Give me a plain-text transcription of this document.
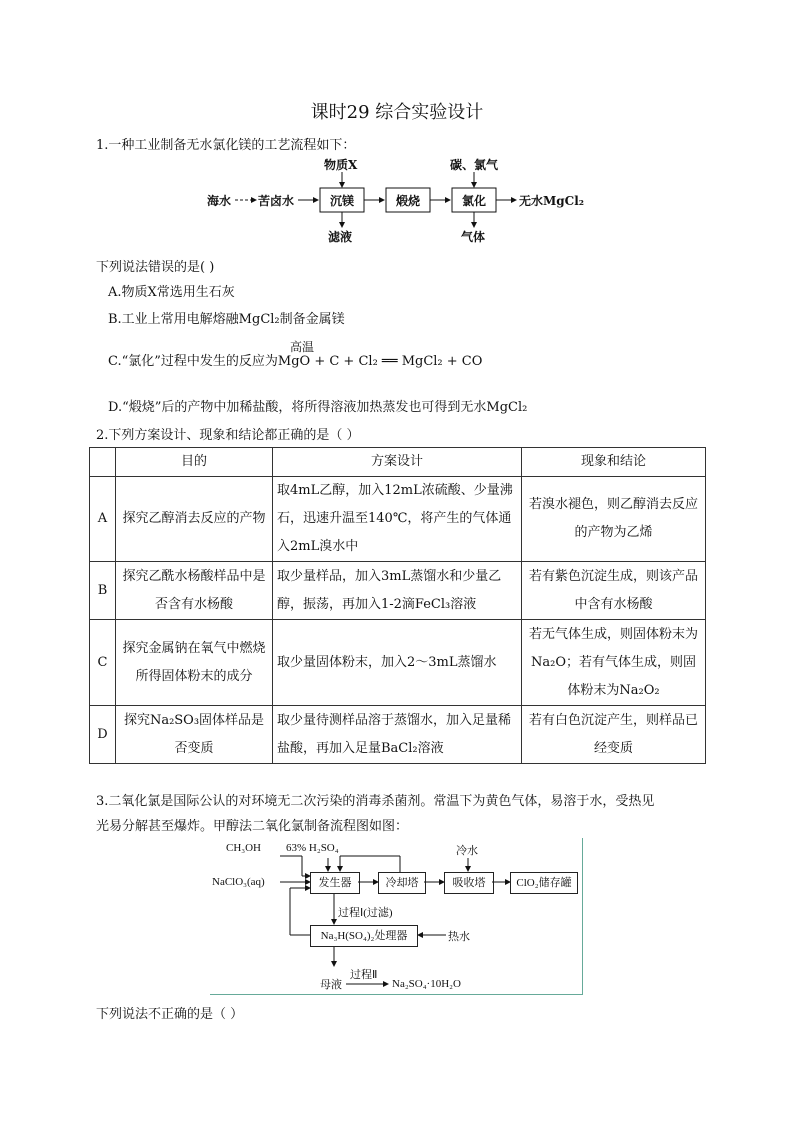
课时29 综合实验设计
1.一种工业制备无水氯化镁的工艺流程如下：
海水 苦卤水	沉镁	煅烧	氯化	无水MgCl₂
物质X	碳、氯气
滤液	气体
下列说法错误的是( )
A.物质X常选用生石灰
B.工业上常用电解熔融MgCl₂制备金属镁
高温
C.“氯化”过程中发生的反应为MgO + C + Cl₂ ══ MgCl₂ + CO
D.“煅烧”后的产物中加稀盐酸，将所得溶液加热蒸发也可得到无水MgCl₂
2.下列方案设计、现象和结论都正确的是（ ）
	目的	方案设计	现象和结论
A	探究乙醇消去反应的产物	取4mL乙醇，加入12mL浓硫酸、少量沸石，迅速升温至140℃，将产生的气体通入2mL溴水中	若溴水褪色，则乙醇消去反应的产物为乙烯
B	探究乙酰水杨酸样品中是否含有水杨酸	取少量样品，加入3mL蒸馏水和少量乙醇，振荡，再加入1-2滴FeCl₃溶液	若有紫色沉淀生成，则该产品中含有水杨酸
C	探究金属钠在氧气中燃烧所得固体粉末的成分	取少量固体粉末，加入2～3mL蒸馏水	若无气体生成，则固体粉末为Na₂O；若有气体生成，则固体粉末为Na₂O₂
D	探究Na₂SO₃固体样品是否变质	取少量待测样品溶于蒸馏水，加入足量稀盐酸，再加入足量BaCl₂溶液	若有白色沉淀产生，则样品已经变质
3.二氧化氯是国际公认的对环境无二次污染的消毒杀菌剂。常温下为黄色气体，易溶于水，受热见
光易分解甚至爆炸。甲醇法二氧化氯制备流程图如图：
CH₃OH 63% H₂SO₄
NaClO₃(aq)	发生器	冷却塔	吸收塔	ClO₂储存罐
冷水
过程Ⅰ(过滤)
Na₃H(SO₄)₂处理器	热水
母液
过程Ⅱ
Na₂SO₄·10H₂O
下列说法不正确的是（ ）
